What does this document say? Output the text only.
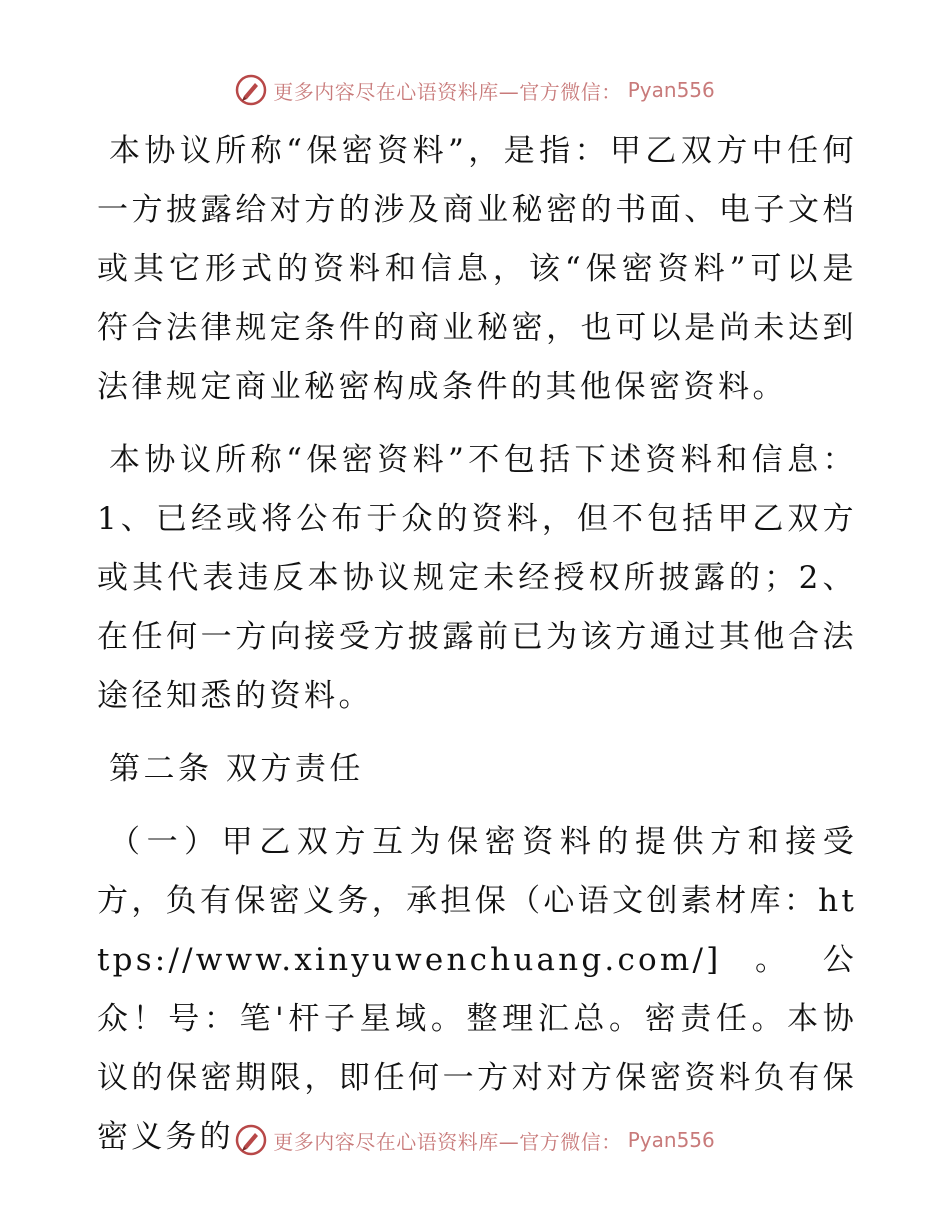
更多内容尽在心语资料库—官方微信： Pyan556

本协议所称“保密资料”，是指：甲乙双方中任何一方披露给对方的涉及商业秘密的书面、电子文档或其它形式的资料和信息，该“保密资料”可以是符合法律规定条件的商业秘密，也可以是尚未达到法律规定商业秘密构成条件的其他保密资料。

本协议所称“保密资料”不包括下述资料和信息：1、已经或将公布于众的资料，但不包括甲乙双方或其代表违反本协议规定未经授权所披露的；2、在任何一方向接受方披露前已为该方通过其他合法途径知悉的资料。

第二条 双方责任

（一）甲乙双方互为保密资料的提供方和接受方，负有保密义务，承担保（心语文创素材库：https://www.xinyuwenchuang.com/]。公众！号：笔'杆子星域。整理汇总。密责任。本协议的保密期限，即任何一方对对方保密资料负有保密义务的	更多内容尽在心语资料库—官方微信： Pyan556
